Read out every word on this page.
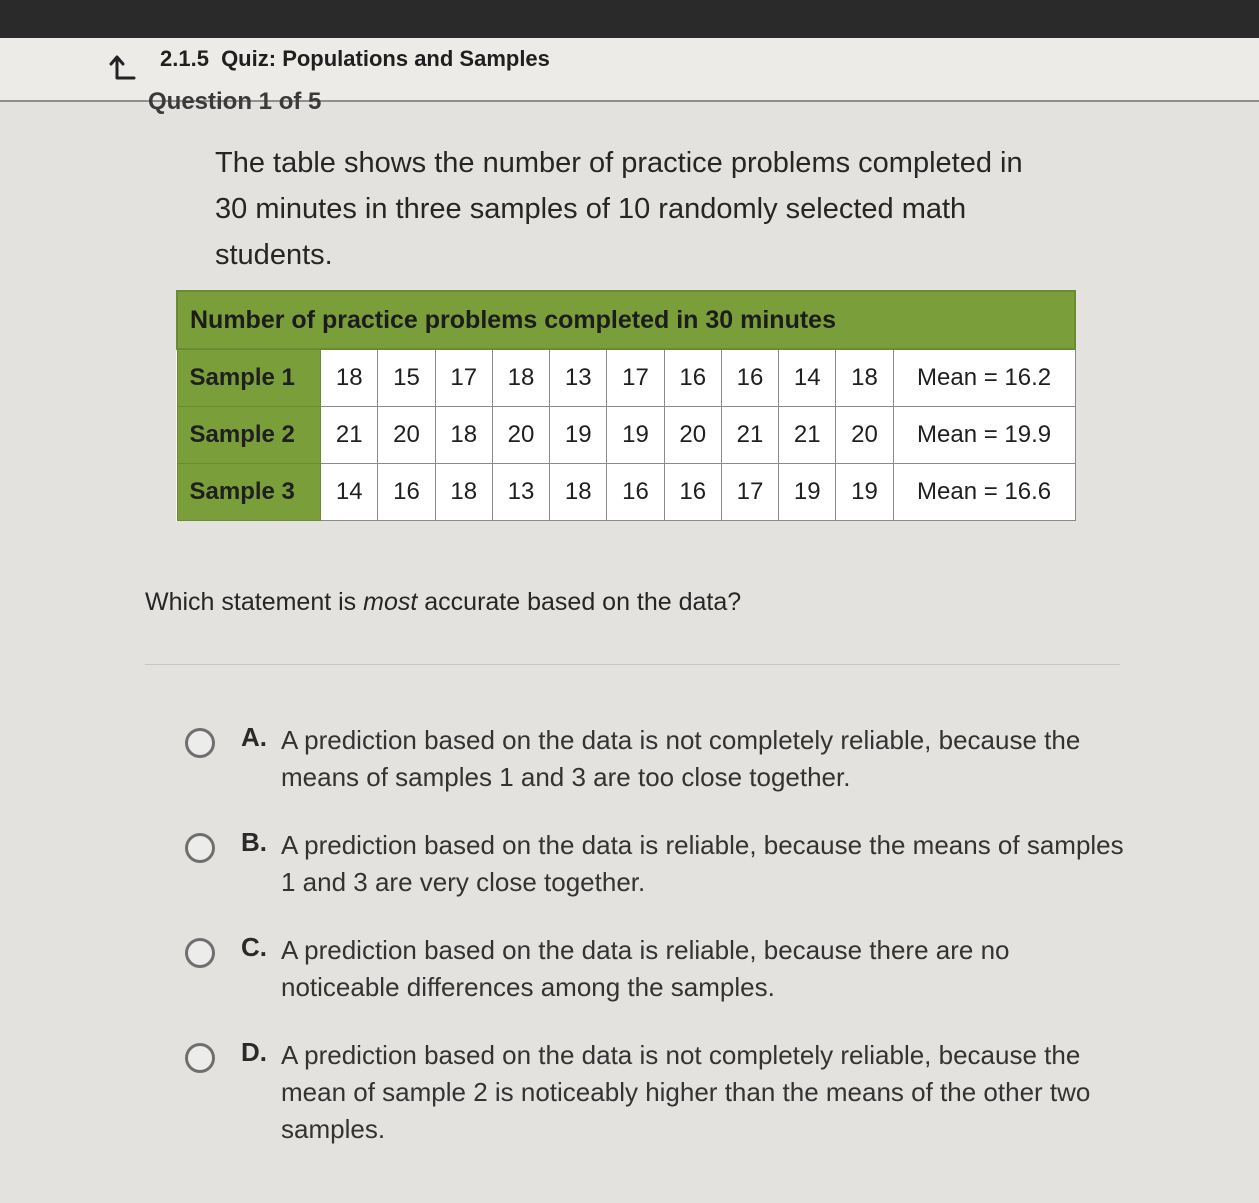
2.1.5 Quiz: Populations and Samples
Question 1 of 5
The table shows the number of practice problems completed in 30 minutes in three samples of 10 randomly selected math students.
Number of practice problems completed in 30 minutes											
Sample 1	18	15	17	18	13	17	16	16	14	18	Mean = 16.2
Sample 2	21	20	18	20	19	19	20	21	21	20	Mean = 19.9
Sample 3	14	16	18	13	18	16	16	17	19	19	Mean = 16.6
Which statement is most accurate based on the data?
A. A prediction based on the data is not completely reliable, because the means of samples 1 and 3 are too close together.
B. A prediction based on the data is reliable, because the means of samples 1 and 3 are very close together.
C. A prediction based on the data is reliable, because there are no noticeable differences among the samples.
D. A prediction based on the data is not completely reliable, because the mean of sample 2 is noticeably higher than the means of the other two samples.
